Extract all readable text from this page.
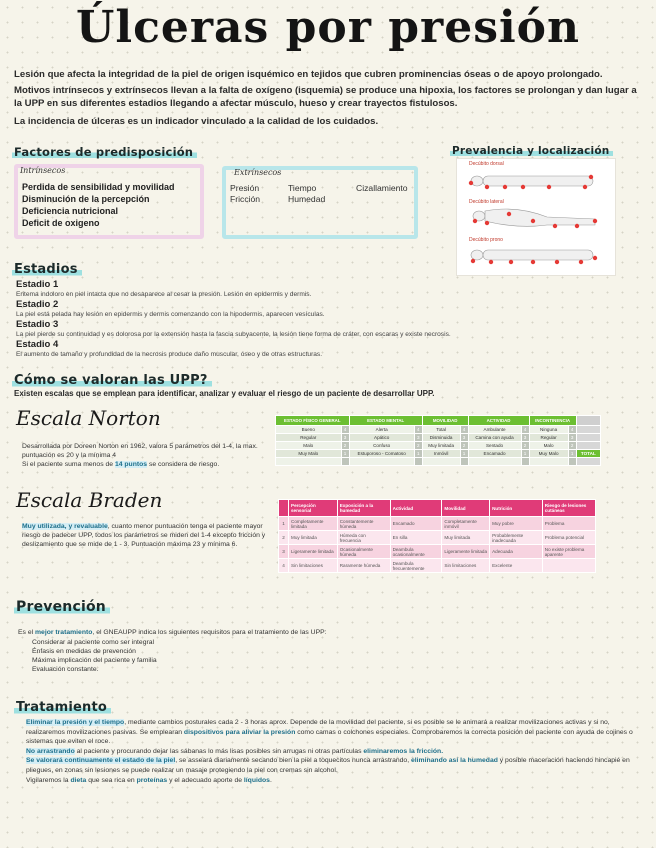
Úlceras por presión
Lesión que afecta la integridad de la piel de origen isquémico en tejidos que cubren prominencias óseas o de apoyo prolongado.
Motivos intrínsecos y extrínsecos llevan a la falta de oxígeno (isquemia) se produce una hipoxia, los factores se prolongan y dan lugar a la UPP en sus diferentes estadios llegando a afectar músculo, hueso y crear trayectos fistulosos.
La incidencia de úlceras es un indicador vinculado a la calidad de los cuidados.
Factores de predisposición
Intrínsecos
Perdida de sensibilidad y movilidad
Disminución de la percepción
Deficiencia nutricional
Deficit de oxigeno
Extrínsecos
Presión	Tiempo	Cizallamiento
Fricción	Humedad
Prevalencia y localización
Decúbito dorsal
Decúbito lateral
Decúbito prono
Estadios
Estadio 1
Eritema indoloro en piel intacta que no desaparece al cesar la presión. Lesión en epidermis y dermis.
Estadio 2
La piel está pelada hay lesión en epidermis y dermis comenzando con la hipodermis, aparecen vesículas.
Estadio 3
La piel pierde su continuidad y es dolorosa por la extensión hasta la fascia subyacente, la lesión tiene forma de cráter, con escaras y existe necrosis.
Estadio 4
El aumento de tamaño y profundidad de la necrosis produce daño muscular, óseo y de otras estructuras.
Cómo se valoran las UPP?
Existen escalas que se emplean para identificar, analizar y evaluar el riesgo de un paciente de desarrollar UPP.
Escala Norton
Desarrollada por Doreen Norton en 1962, valora 5 parámetros del 1-4, la max. puntuación es 20 y la mínima 4
Si el paciente suma menos de 14 puntos se considera de riesgo.
ESTADO FÍSICO GENERAL		ESTADO MENTAL		MOVILIDAD		ACTIVIDAD		INCONTINENCIA		
Bueno	4	Alerta	4	Total	4	Ambulante	4	Ninguna	4	
Regular	3	Apático	3	Disminuida	3	Camina con ayuda	3	Regular	3	
Malo	2	Confuso	2	Muy limitada	2	Sentado	2	Malo	2	
Muy Malo	1	Estuporoso - Comatoso	1	Inmóvil	1	Encamado	1	Muy Malo	1	TOTAL

Escala Braden
Muy utilizada, y revaluable, cuanto menor puntuación tenga el paciente mayor riesgo de padecer UPP, todos los parámetros se miden del 1-4 excepto fricción y deslizamiento que se mide de 1 - 3. Puntuación máxima 23 y mínima 6.
	Percepción sensorial	Exposición a la humedad	Actividad	Movilidad	Nutrición	Riesgo de lesiones cutáneas
1	Completamente limitada	Constantemente húmeda	Encamado	Completamente inmóvil	Muy pobre	Problema
2	Muy limitada	Húmeda con frecuencia	En silla	Muy limitada	Probablemente inadecuada	Problema potencial
3	Ligeramente limitada	Ocasionalmente húmeda	Deambula ocasionalmente	Ligeramente limitada	Adecuada	No existe problema aparente
4	Sin limitaciones	Raramente húmeda	Deambula frecuentemente	Sin limitaciones	Excelente	
Prevención
Es el mejor tratamiento, el GNEAUPP indica los siguientes requisitos para el tratamiento de las UPP:
Considerar al paciente como ser integral
Énfasis en medidas de prevención
Máxima implicación del paciente y familia
Evaluación constante.
Tratamiento
Eliminar la presión y el tiempo, mediante cambios posturales cada 2 - 3 horas aprox. Depende de la movilidad del paciente, si es posible se le animará a realizar movilizaciones activas y si no, realizaremos movilizaciones pasivas. Se emplearan dispositivos para aliviar la presión como camas o colchones especiales. Comprobaremos la correcta posición del paciente con ayuda de cojines o sistemas que eviten el roce.
No arrastrando al paciente y procurando dejar las sábanas lo más lisas posibles sin arrugas ni otras partículas eliminaremos la fricción.
Se valorará continuamente el estado de la piel, se asseará diariamente secando bien la piel a toquecitos nunca arrastrando, eliminando así la humedad y posible maceración haciendo hincapié en pliegues, en zonas sin lesiones se puede realizar un masaje protegiendo la piel con cremas sin alcohol.
Vigilaremos la dieta que sea rica en proteínas y el adecuado aporte de líquidos.
